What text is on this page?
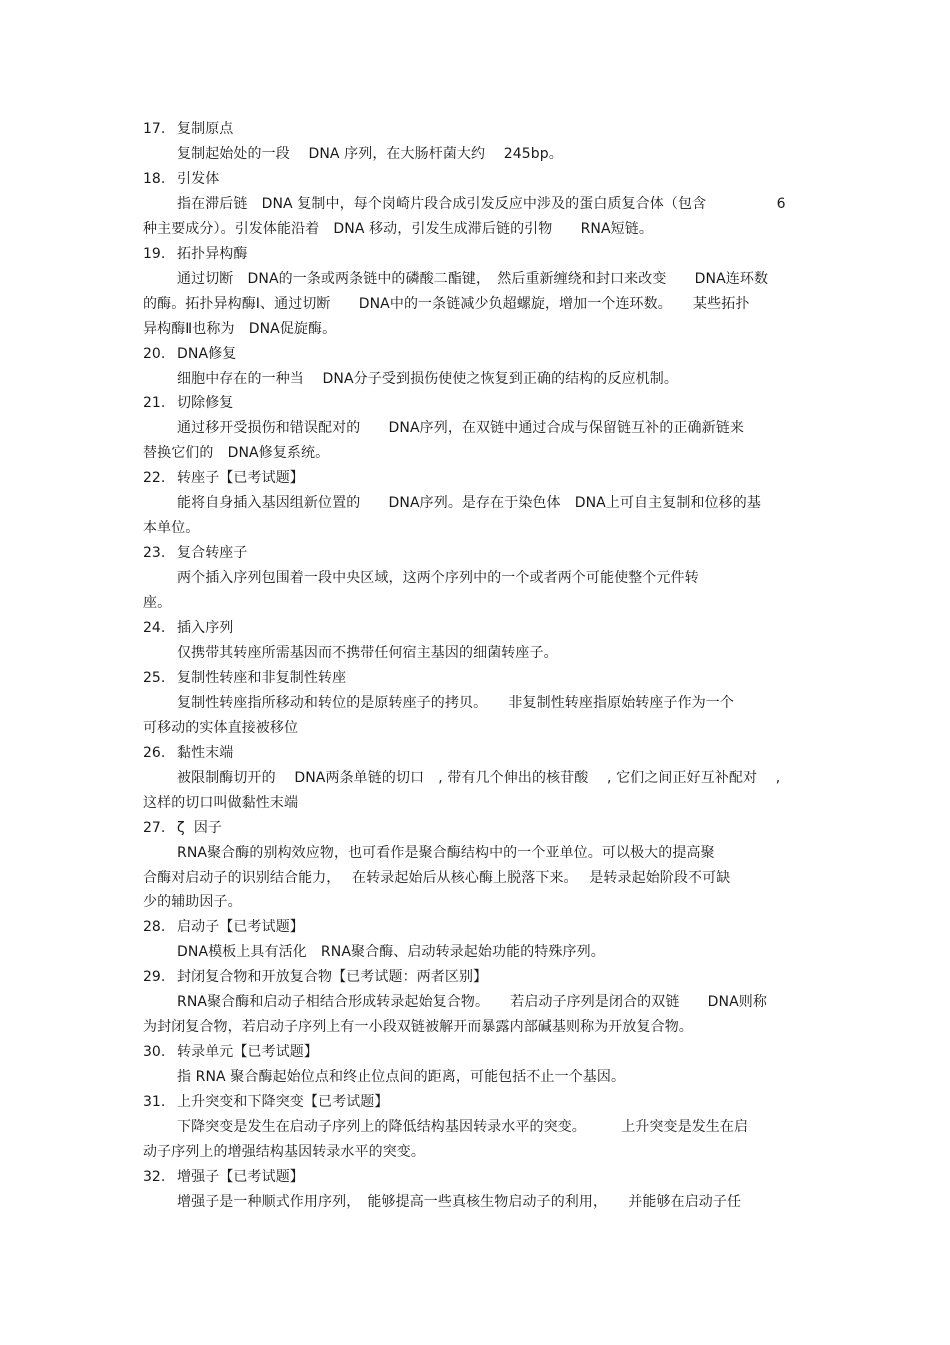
17. 复制原点
复制起始处的一段　 DNA 序列，在大肠杆菌大约　 245bp。
18. 引发体
指在滞后链　DNA 复制中，每个岗崎片段合成引发反应中涉及的蛋白质复合体（包含　　　　　6
种主要成分）。引发体能沿着　DNA 移动，引发生成滞后链的引物　　RNA短链。
19. 拓扑异构酶
通过切断　DNA的一条或两条链中的磷酸二酯键，　然后重新缠绕和封口来改变　　DNA连环数
的酶。拓扑异构酶Ⅰ、通过切断　　DNA中的一条链减少负超螺旋，增加一个连环数。　　某些拓扑
异构酶Ⅱ也称为　DNA促旋酶。
20. DNA修复
细胞中存在的一种当　 DNA分子受到损伤使使之恢复到正确的结构的反应机制。
21. 切除修复
通过移开受损伤和错误配对的　　DNA序列，在双链中通过合成与保留链互补的正确新链来
替换它们的　DNA修复系统。
22. 转座子【已考试题】
能将自身插入基因组新位置的　　DNA序列。是存在于染色体　DNA上可自主复制和位移的基
本单位。
23. 复合转座子
两个插入序列包围着一段中央区域，这两个序列中的一个或者两个可能使整个元件转
座。
24. 插入序列
仅携带其转座所需基因而不携带任何宿主基因的细菌转座子。
25. 复制性转座和非复制性转座
复制性转座指所移动和转位的是原转座子的拷贝。　　非复制性转座指原始转座子作为一个
可移动的实体直接被移位
26. 黏性末端
被限制酶切开的　 DNA两条单链的切口　, 带有几个伸出的核苷酸　 , 它们之间正好互补配对　 ,
这样的切口叫做黏性末端
27. ζ  因子
RNA聚合酶的别构效应物，也可看作是聚合酶结构中的一个亚单位。可以极大的提高聚
合酶对启动子的识别结合能力，　 在转录起始后从核心酶上脱落下来。　 是转录起始阶段不可缺
少的辅助因子。
28. 启动子【已考试题】
DNA模板上具有活化　RNA聚合酶、启动转录起始功能的特殊序列。
29. 封闭复合物和开放复合物【已考试题：两者区别】
RNA聚合酶和启动子相结合形成转录起始复合物。　　若启动子序列是闭合的双链　　DNA则称
为封闭复合物，若启动子序列上有一小段双链被解开而暴露内部碱基则称为开放复合物。
30. 转录单元【已考试题】
指 RNA 聚合酶起始位点和终止位点间的距离，可能包括不止一个基因。
31. 上升突变和下降突变【已考试题】
下降突变是发生在启动子序列上的降低结构基因转录水平的突变。　　　上升突变是发生在启
动子序列上的增强结构基因转录水平的突变。
32. 增强子【已考试题】
增强子是一种顺式作用序列，　能够提高一些真核生物启动子的利用，　　并能够在启动子任
